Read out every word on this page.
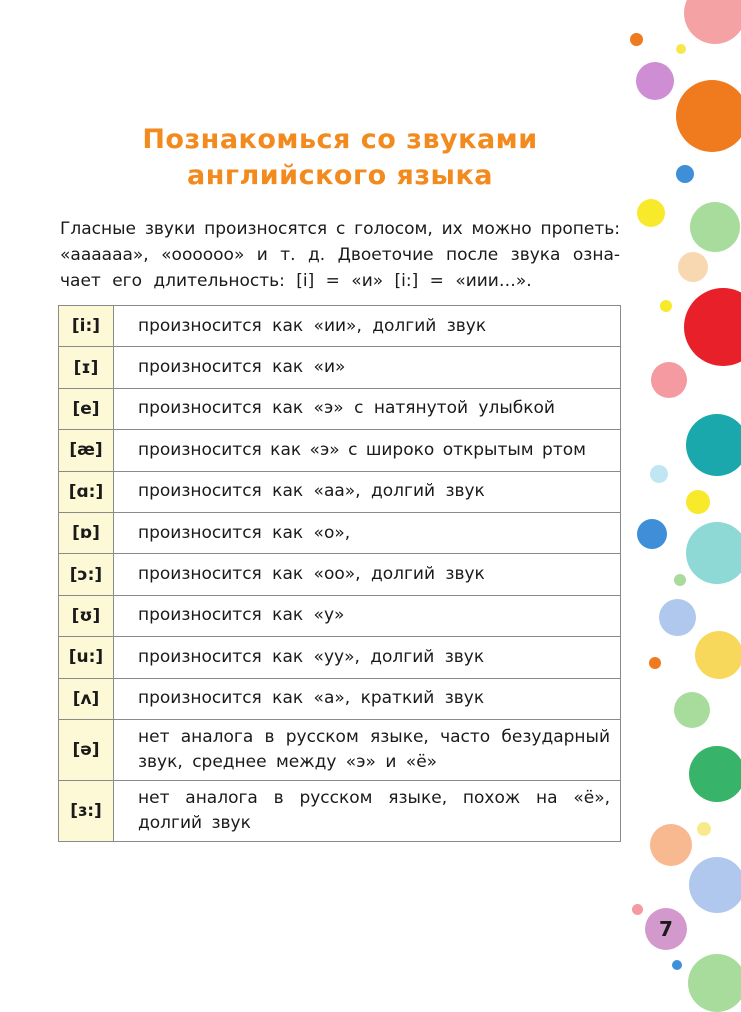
Познакомься со звуками
английского языка
Гласные звуки произносятся с голосом, их можно пропеть:
«аааааа», «оооооо» и т. д. Двоеточие после звука озна-
чает его длительность: [i] = «и» [i:] = «иии…».
[i:]	произносится как «ии», долгий звук
[ɪ]	произносится как «и»
[e]	произносится как «э» с натянутой улыбкой
[æ]	произносится как «э» с широко открытым ртом
[ɑ:]	произносится как «аа», долгий звук
[ɒ]	произносится как «о»,
[ɔ:]	произносится как «оо», долгий звук
[ʊ]	произносится как «у»
[u:]	произносится как «уу», долгий звук
[ʌ]	произносится как «а», краткий звук
[ə]	нет аналога в русском языке, часто безударный звук, среднее между «э» и «ё»
[ɜ:]	нет аналога в русском языке, похож на «ё», долгий звук
7
